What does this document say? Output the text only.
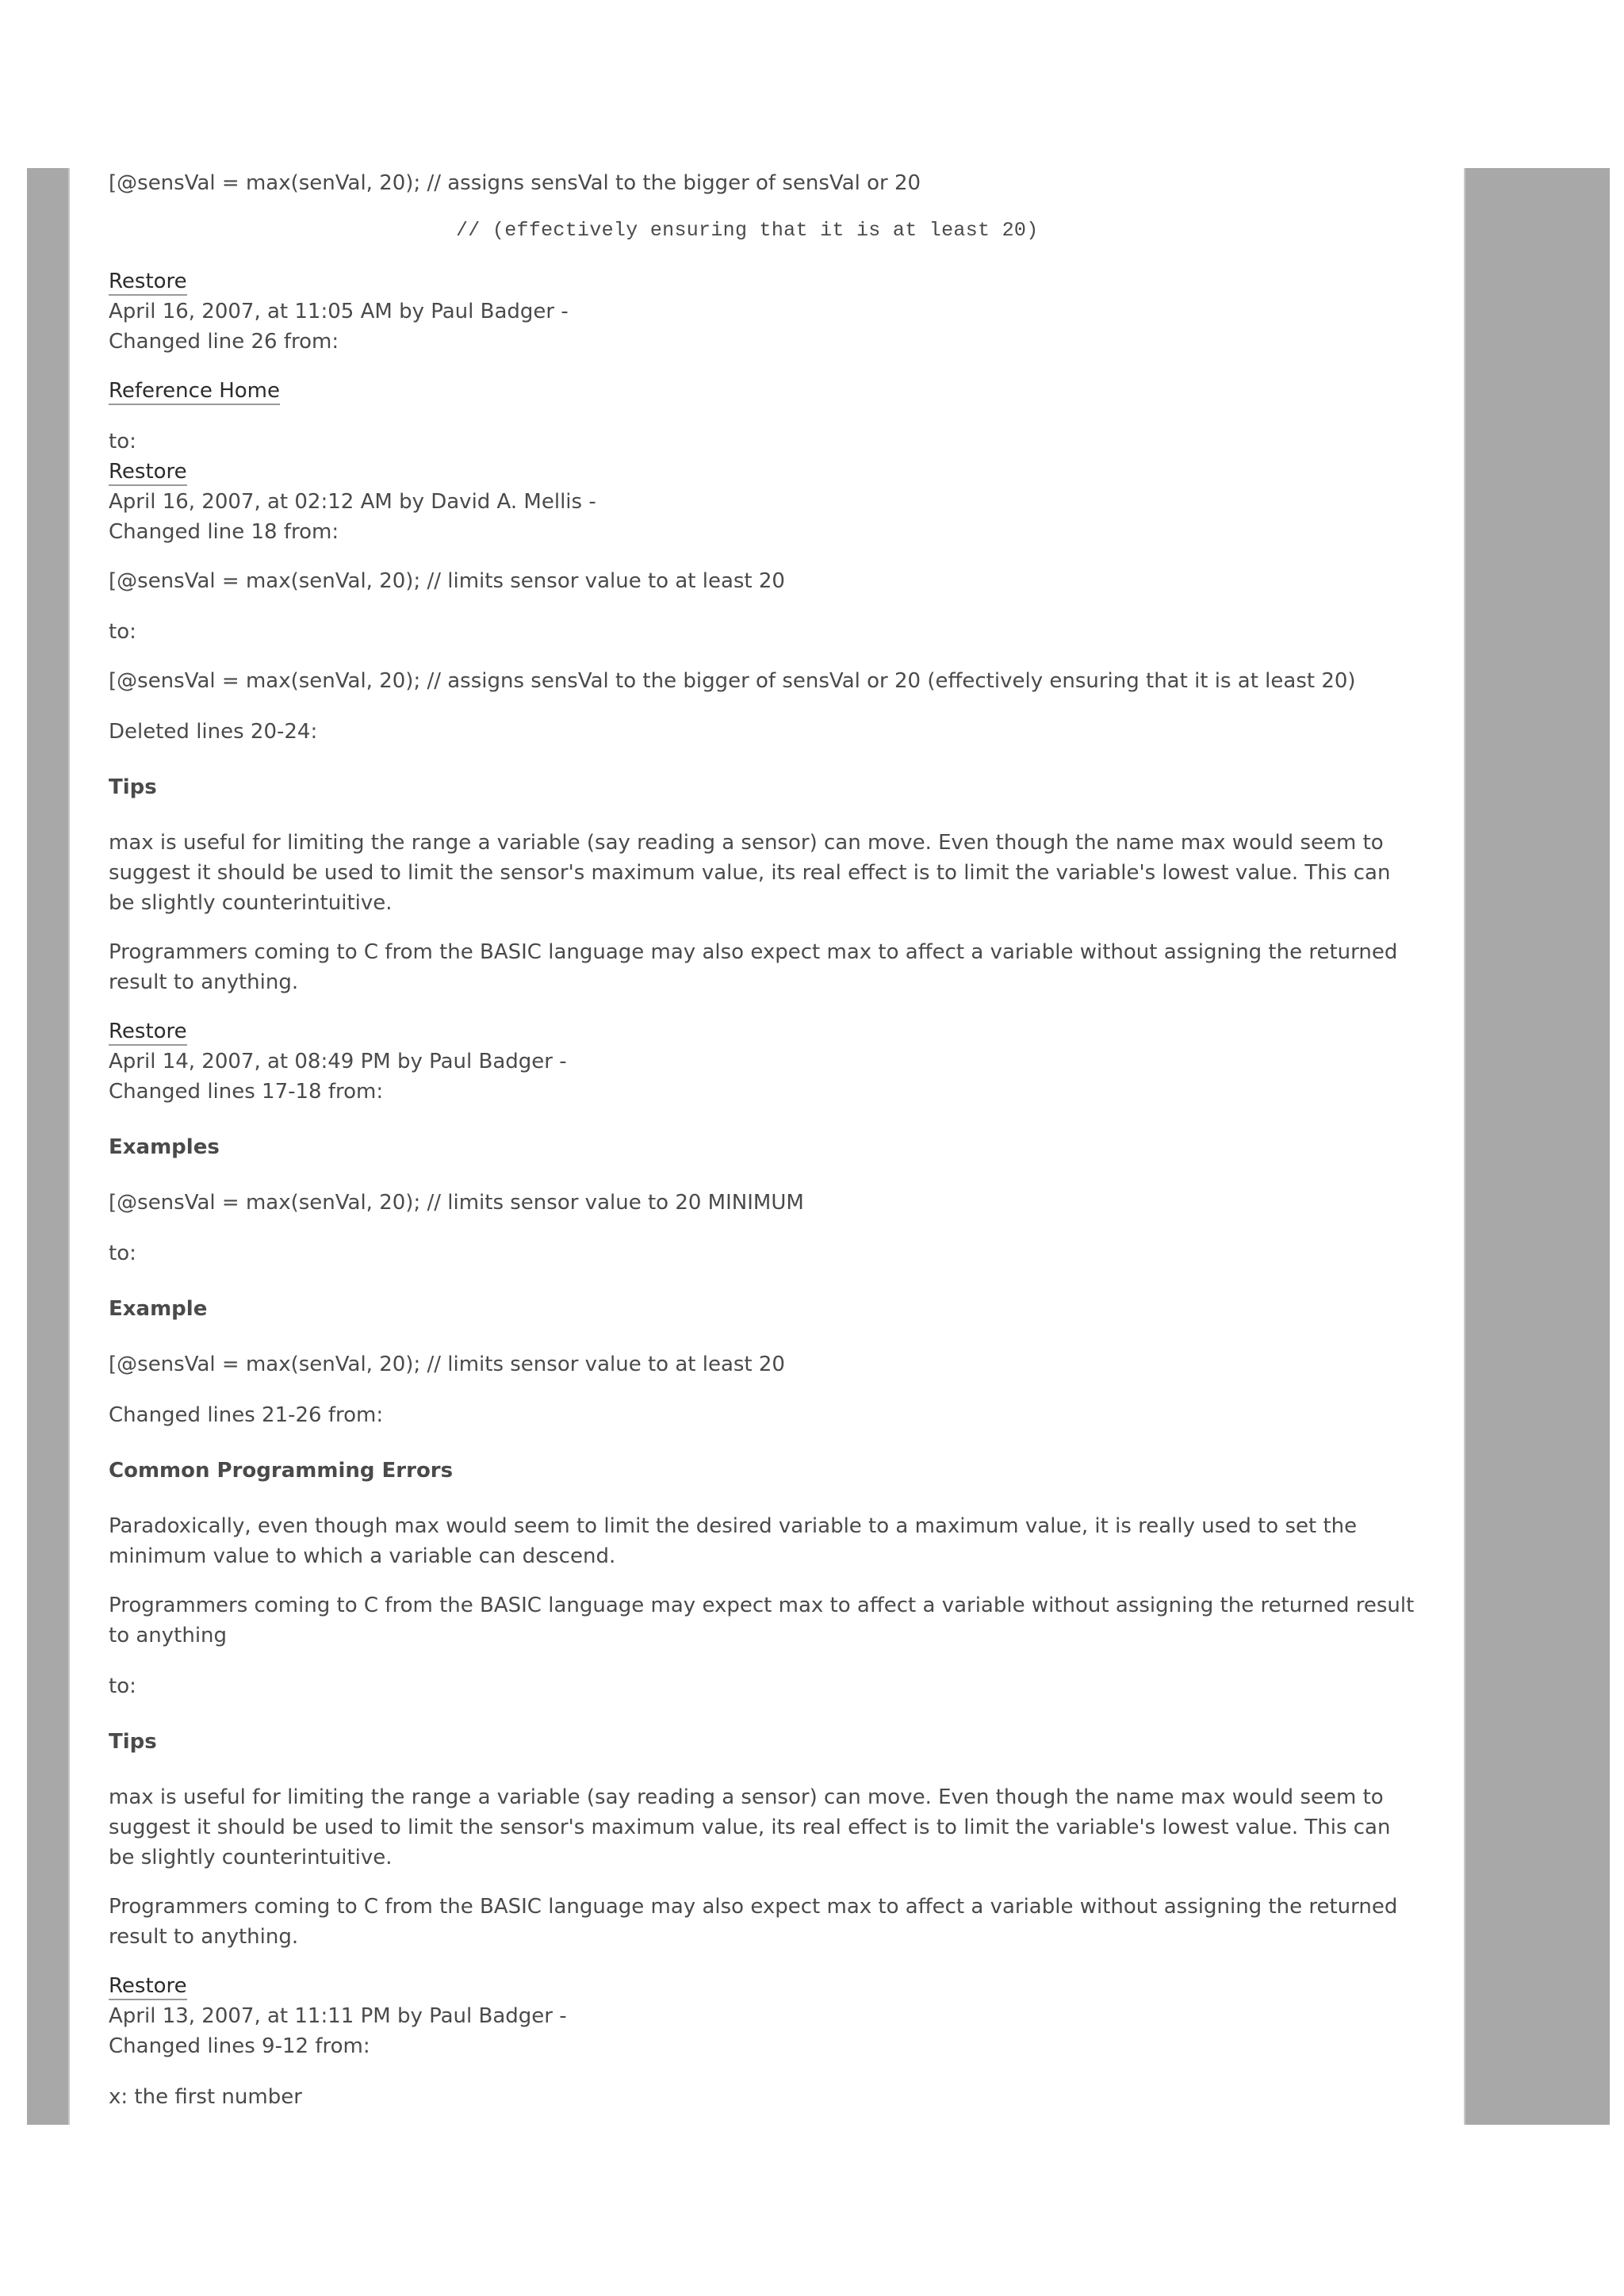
[@sensVal = max(senVal, 20); // assigns sensVal to the bigger of sensVal or 20
// (effectively ensuring that it is at least 20)
Restore
April 16, 2007, at 11:05 AM by Paul Badger -
Changed line 26 from:
Reference Home
to:
Restore
April 16, 2007, at 02:12 AM by David A. Mellis -
Changed line 18 from:
[@sensVal = max(senVal, 20); // limits sensor value to at least 20
to:
[@sensVal = max(senVal, 20); // assigns sensVal to the bigger of sensVal or 20 (effectively ensuring that it is at least 20)
Deleted lines 20-24:
Tips
max is useful for limiting the range a variable (say reading a sensor) can move. Even though the name max would seem to suggest it should be used to limit the sensor's maximum value, its real effect is to limit the variable's lowest value. This can be slightly counterintuitive.
Programmers coming to C from the BASIC language may also expect max to affect a variable without assigning the returned result to anything.
Restore
April 14, 2007, at 08:49 PM by Paul Badger -
Changed lines 17-18 from:
Examples
[@sensVal = max(senVal, 20); // limits sensor value to 20 MINIMUM
to:
Example
[@sensVal = max(senVal, 20); // limits sensor value to at least 20
Changed lines 21-26 from:
Common Programming Errors
Paradoxically, even though max would seem to limit the desired variable to a maximum value, it is really used to set the minimum value to which a variable can descend.
Programmers coming to C from the BASIC language may expect max to affect a variable without assigning the returned result to anything
to:
Tips
max is useful for limiting the range a variable (say reading a sensor) can move. Even though the name max would seem to suggest it should be used to limit the sensor's maximum value, its real effect is to limit the variable's lowest value. This can be slightly counterintuitive.
Programmers coming to C from the BASIC language may also expect max to affect a variable without assigning the returned result to anything.
Restore
April 13, 2007, at 11:11 PM by Paul Badger -
Changed lines 9-12 from:
x: the first number
